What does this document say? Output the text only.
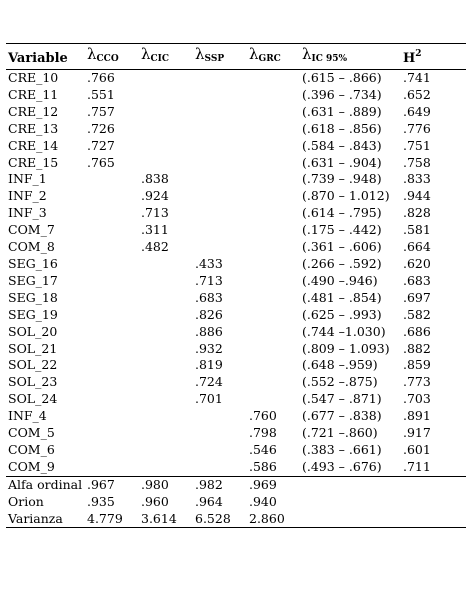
Variable	$\lambda_{CCO}$	$\lambda_{CIC}$	$\lambda_{SSP}$	$\lambda_{GRC}$	$\lambda_{IC 95\%}$	$H^2$
CRE_10	.766				(.615 – .866)	.741
CRE_11	.551				(.396 – .734)	.652
CRE_12	.757				(.631 – .889)	.649
CRE_13	.726				(.618 – .856)	.776
CRE_14	.727				(.584 – .843)	.751
CRE_15	.765				(.631 – .904)	.758
INF_1		.838			(.739 – .948)	.833
INF_2		.924			(.870 – 1.012)	.944
INF_3		.713			(.614 – .795)	.828
COM_7		.311			(.175 – .442)	.581
COM_8		.482			(.361 – .606)	.664
SEG_16			.433		(.266 – .592)	.620
SEG_17			.713		(.490 –.946)	.683
SEG_18			.683		(.481 – .854)	.697
SEG_19			.826		(.625 – .993)	.582
SOL_20			.886		(.744 –1.030)	.686
SOL_21			.932		(.809 – 1.093)	.882
SOL_22			.819		(.648 –.959)	.859
SOL_23			.724		(.552 –.875)	.773
SOL_24			.701		(.547 – .871)	.703
INF_4				.760	(.677 – .838)	.891
COM_5				.798	(.721 –.860)	.917
COM_6				.546	(.383 – .661)	.601
COM_9				.586	(.493 – .676)	.711
Alfa ordinal	.967	.980	.982	.969		
Orion	.935	.960	.964	.940		
Varianza	4.779	3.614	6.528	2.860		
